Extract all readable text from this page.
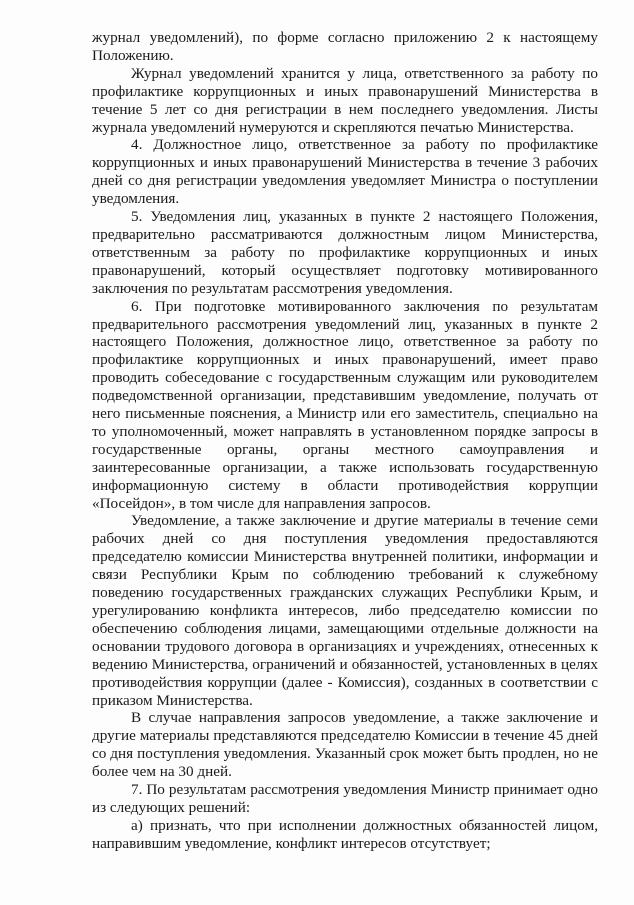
журнал уведомлений), по форме согласно приложению 2 к настоящему Положению.

Журнал уведомлений хранится у лица, ответственного за работу по профилактике коррупционных и иных правонарушений Министерства в течение 5 лет со дня регистрации в нем последнего уведомления. Листы журнала уведомлений нумеруются и скрепляются печатью Министерства.

4. Должностное лицо, ответственное за работу по профилактике коррупционных и иных правонарушений Министерства в течение 3 рабочих дней со дня регистрации уведомления уведомляет Министра о поступлении уведомления.

5. Уведомления лиц, указанных в пункте 2 настоящего Положения, предварительно рассматриваются должностным лицом Министерства, ответственным за работу по профилактике коррупционных и иных правонарушений, который осуществляет подготовку мотивированного заключения по результатам рассмотрения уведомления.

6. При подготовке мотивированного заключения по результатам предварительного рассмотрения уведомлений лиц, указанных в пункте 2 настоящего Положения, должностное лицо, ответственное за работу по профилактике коррупционных и иных правонарушений, имеет право проводить собеседование с государственным служащим или руководителем подведомственной организации, представившим уведомление, получать от него письменные пояснения, а Министр или его заместитель, специально на то уполномоченный, может направлять в установленном порядке запросы в государственные органы, органы местного самоуправления и заинтересованные организации, а также использовать государственную информационную систему в области противодействия коррупции «Посейдон», в том числе для направления запросов.

Уведомление, а также заключение и другие материалы в течение семи рабочих дней со дня поступления уведомления предоставляются председателю комиссии Министерства внутренней политики, информации и связи Республики Крым по соблюдению требований к служебному поведению государственных гражданских служащих Республики Крым, и урегулированию конфликта интересов, либо председателю комиссии по обеспечению соблюдения лицами, замещающими отдельные должности на основании трудового договора в организациях и учреждениях, отнесенных к ведению Министерства, ограничений и обязанностей, установленных в целях противодействия коррупции (далее - Комиссия), созданных в соответствии с приказом Министерства.

В случае направления запросов уведомление, а также заключение и другие материалы представляются председателю Комиссии в течение 45 дней со дня поступления уведомления. Указанный срок может быть продлен, но не более чем на 30 дней.

7. По результатам рассмотрения уведомления Министр принимает одно из следующих решений:

а) признать, что при исполнении должностных обязанностей лицом, направившим уведомление, конфликт интересов отсутствует;
